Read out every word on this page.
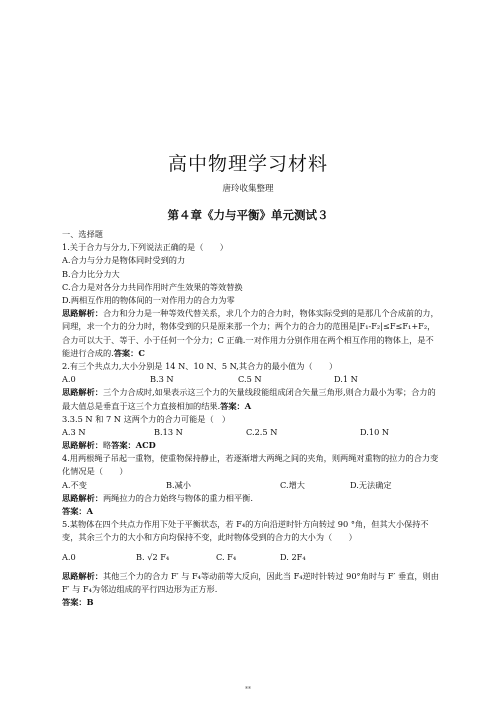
高中物理学习材料
唐玲收集整理
第４章《力与平衡》单元测试３
一、选择题
1.关于合力与分力,下列说法正确的是（　　）
A.合力与分力是物体同时受到的力
B.合力比分力大
C.合力是对各分力共同作用时产生效果的等效替换
D.两相互作用的物体间的一对作用力的合力为零
思路解析：合力和分力是一种等效代替关系，求几个力的合力时，物体实际受到的是那几个合成前的力，同理，求一个力的分力时，物体受到的只是原来那一个力；两个力的合力的范围是|F₁-F₂|≤F≤F₁+F₂，合力可以大于、等于、小于任何一个分力；C 正确.一对作用力分别作用在两个相互作用的物体上，是不能进行合成的.答案：C
2.有三个共点力,大小分别是 14 N、10 N、5 N,其合力的最小值为（　　）
A.0	B.3 N	C.5 N	D.1 N
思路解析：三个力合成时,如果表示这三个力的矢量线段能组成闭合矢量三角形,则合力最小为零；合力的最大值总是垂直于这三个力直接相加的结果.答案：A
3.3.5 N 和 7 N 这两个力的合力可能是（　）
A.3 N	B.13 N	C.2.5 N	D.10 N
思路解析：略答案：ACD
4.用两根绳子吊起一重物，使重物保持静止，若逐渐增大两绳之间的夹角，则两绳对重物的拉力的合力变化情况是（　　）
A.不变	B.减小	C.增大	D.无法确定
思路解析：两绳拉力的合力始终与物体的重力相平衡.
答案：A
5.某物体在四个共点力作用下处于平衡状态，若 F₄的方向沿逆时针方向转过 90 °角，但其大小保持不变，其余三个力的大小和方向均保持不变，此时物体受到的合力的大小为（　　）
A.0	B. √2 F₄	C. F₄	D. 2F₄
思路解析：其他三个力的合力 F′ 与 F₄等动前等大反向，因此当 F₄逆时针转过 90°角时与 F′ 垂直，则由 F′ 与 F₄为邻边组成的平行四边形为正方形.
答案：B
**
